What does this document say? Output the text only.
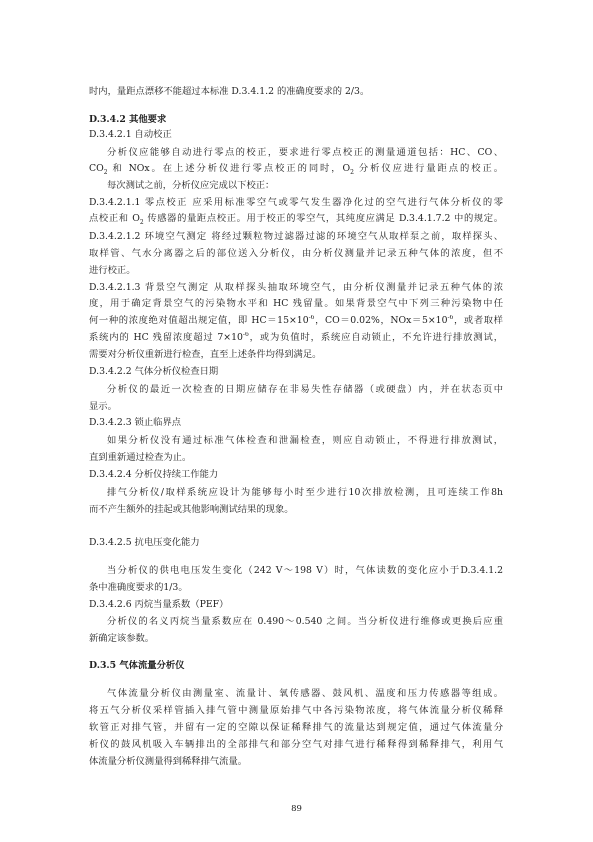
时内，量距点漂移不能超过本标准 D.3.4.1.2 的准确度要求的 2/3。
D.3.4.2 其他要求
D.3.4.2.1 自动校正
分析仪应能够自动进行零点的校正，要求进行零点校正的测量通道包括：HC、CO、
$CO_2$ 和 NOx。在上述分析仪进行零点校正的同时，$O_2$ 分析仪应进行量距点的校正。
每次测试之前，分析仪应完成以下校正：
D.3.4.2.1.1 零点校正 应采用标准零空气或零气发生器净化过的空气进行气体分析仪的零
点校正和 $O_2$ 传感器的量距点校正。用于校正的零空气，其纯度应满足 D.3.4.1.7.2 中的规定。
D.3.4.2.1.2 环境空气测定 将经过颗粒物过滤器过滤的环境空气从取样泵之前，取样探头、
取样管、气水分离器之后的部位送入分析仪，由分析仪测量并记录五种气体的浓度，但不
进行校正。
D.3.4.2.1.3 背景空气测定 从取样探头抽取环境空气，由分析仪测量并记录五种气体的浓
度，用于确定背景空气的污染物水平和 HC 残留量。如果背景空气中下列三种污染物中任
何一种的浓度绝对值超出规定值，即 $HC=15\times 10^{-6}$，CO＝0.02%，$NOx=5\times 10^{-6}$，或者取样
系统内的 HC 残留浓度超过 $7\times 10^{-6}$，或为负值时，系统应自动锁止，不允许进行排放测试，
需要对分析仪重新进行检查，直至上述条件均得到满足。
D.3.4.2.2 气体分析仪检查日期
分析仪的最近一次检查的日期应储存在非易失性存储器（或硬盘）内，并在状态页中
显示。
D.3.4.2.3 锁止临界点
如果分析仪没有通过标准气体检查和泄漏检查，则应自动锁止，不得进行排放测试，
直到重新通过检查为止。
D.3.4.2.4 分析仪持续工作能力
排气分析仪/取样系统应设计为能够每小时至少进行10次排放检测，且可连续工作8h
而不产生额外的挂起或其他影响测试结果的现象。
D.3.4.2.5 抗电压变化能力
当分析仪的供电电压发生变化（242 V～198 V）时，气体读数的变化应小于D.3.4.1.2
条中准确度要求的1/3。
D.3.4.2.6 丙烷当量系数（PEF）
分析仪的名义丙烷当量系数应在 0.490～0.540 之间。当分析仪进行维修或更换后应重
新确定该参数。
D.3.5 气体流量分析仪
气体流量分析仪由测量室、流量计、氧传感器、鼓风机、温度和压力传感器等组成。
将五气分析仪采样管插入排气管中测量原始排气中各污染物浓度，将气体流量分析仪稀释
软管正对排气管，并留有一定的空隙以保证稀释排气的流量达到规定值，通过气体流量分
析仪的鼓风机吸入车辆排出的全部排气和部分空气对排气进行稀释得到稀释排气，利用气
体流量分析仪测量得到稀释排气流量。
89
